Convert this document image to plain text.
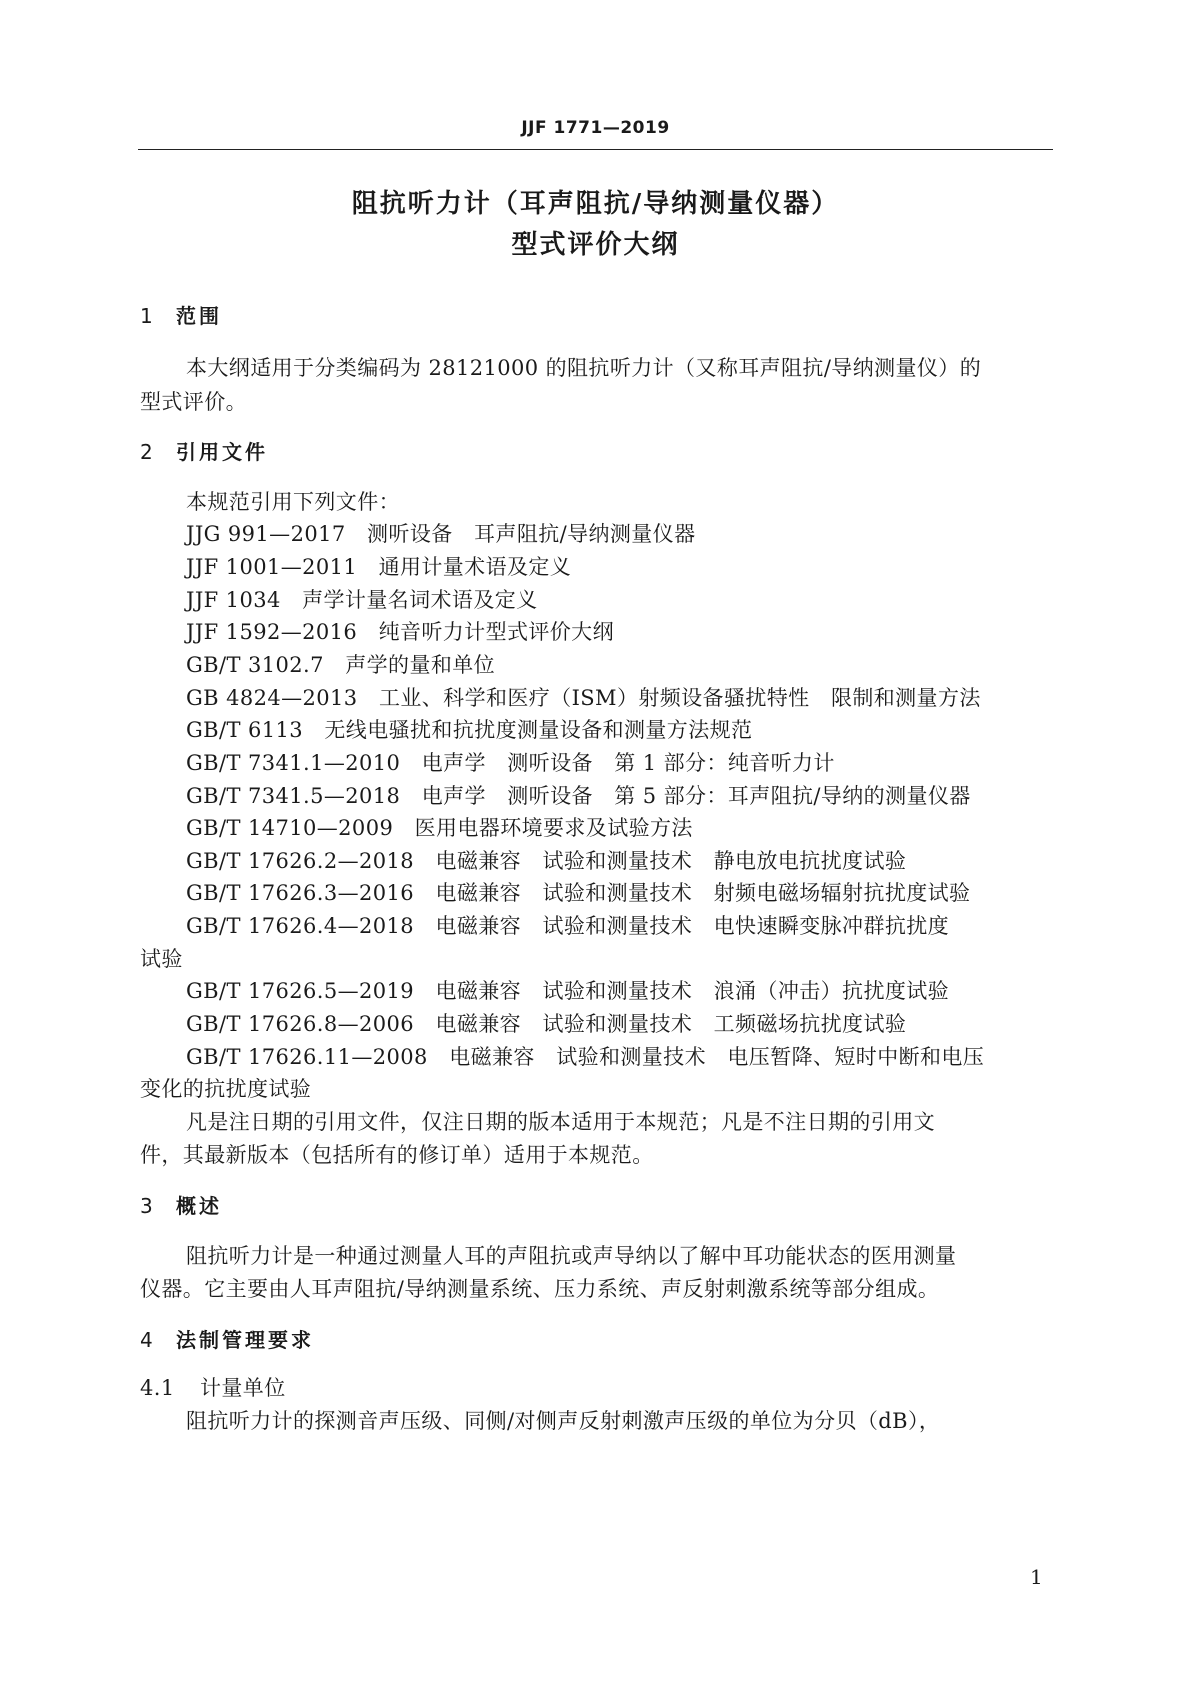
JJF 1771—2019
阻抗听力计（耳声阻抗/导纳测量仪器）
型式评价大纲
1 范围
本大纲适用于分类编码为 28121000 的阻抗听力计（又称耳声阻抗/导纳测量仪）的
型式评价。
2 引用文件
本规范引用下列文件：
JJG 991—2017　测听设备　耳声阻抗/导纳测量仪器
JJF 1001—2011　通用计量术语及定义
JJF 1034　声学计量名词术语及定义
JJF 1592—2016　纯音听力计型式评价大纲
GB/T 3102.7　声学的量和单位
GB 4824—2013　工业、科学和医疗（ISM）射频设备骚扰特性　限制和测量方法
GB/T 6113　无线电骚扰和抗扰度测量设备和测量方法规范
GB/T 7341.1—2010　电声学　测听设备　第 1 部分：纯音听力计
GB/T 7341.5—2018　电声学　测听设备　第 5 部分：耳声阻抗/导纳的测量仪器
GB/T 14710—2009　医用电器环境要求及试验方法
GB/T 17626.2—2018　电磁兼容　试验和测量技术　静电放电抗扰度试验
GB/T 17626.3—2016　电磁兼容　试验和测量技术　射频电磁场辐射抗扰度试验
GB/T 17626.4—2018　电磁兼容　试验和测量技术　电快速瞬变脉冲群抗扰度
试验
GB/T 17626.5—2019　电磁兼容　试验和测量技术　浪涌（冲击）抗扰度试验
GB/T 17626.8—2006　电磁兼容　试验和测量技术　工频磁场抗扰度试验
GB/T 17626.11—2008　电磁兼容　试验和测量技术　电压暂降、短时中断和电压
变化的抗扰度试验
凡是注日期的引用文件，仅注日期的版本适用于本规范；凡是不注日期的引用文
件，其最新版本（包括所有的修订单）适用于本规范。
3 概述
阻抗听力计是一种通过测量人耳的声阻抗或声导纳以了解中耳功能状态的医用测量
仪器。它主要由人耳声阻抗/导纳测量系统、压力系统、声反射刺激系统等部分组成。
4 法制管理要求
4.1 计量单位
阻抗听力计的探测音声压级、同侧/对侧声反射刺激声压级的单位为分贝（dB），
1
